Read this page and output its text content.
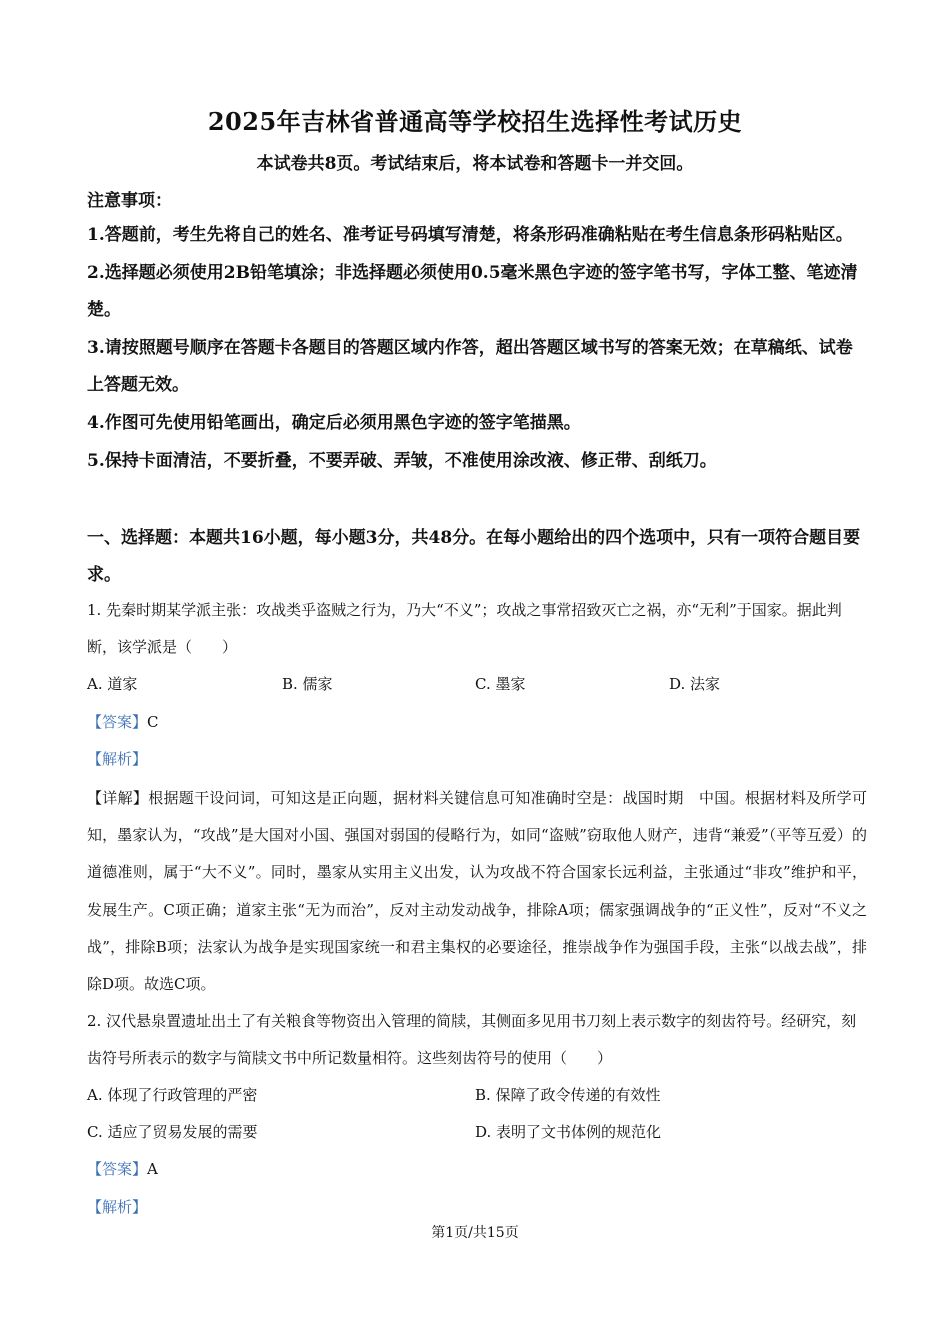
2025年吉林省普通高等学校招生选择性考试历史

本试卷共8页。考试结束后，将本试卷和答题卡一并交回。

注意事项：
1.答题前，考生先将自己的姓名、准考证号码填写清楚，将条形码准确粘贴在考生信息条形码粘贴区。
2.选择题必须使用2B铅笔填涂；非选择题必须使用0.5毫米黑色字迹的签字笔书写，字体工整、笔迹清楚。
3.请按照题号顺序在答题卡各题目的答题区域内作答，超出答题区域书写的答案无效；在草稿纸、试卷上答题无效。
4.作图可先使用铅笔画出，确定后必须用黑色字迹的签字笔描黑。
5.保持卡面清洁，不要折叠，不要弄破、弄皱，不准使用涂改液、修正带、刮纸刀。
一、选择题：本题共16小题，每小题3分，共48分。在每小题给出的四个选项中，只有一项符合题目要求。
1. 先秦时期某学派主张：攻战类乎盗贼之行为，乃大“不义”；攻战之事常招致灭亡之祸，亦“无利”于国家。据此判断，该学派是（　　）
A. 道家	B. 儒家	C. 墨家	D. 法家
【答案】C
【解析】
【详解】根据题干设问词，可知这是正向题，据材料关键信息可知准确时空是：战国时期　中国。根据材料及所学可知，墨家认为，“攻战”是大国对小国、强国对弱国的侵略行为，如同“盗贼”窃取他人财产，违背“兼爱”（平等互爱）的道德准则，属于“大不义”。同时，墨家从实用主义出发，认为攻战不符合国家长远利益，主张通过“非攻”维护和平，发展生产。C项正确；道家主张“无为而治”，反对主动发动战争，排除A项；儒家强调战争的“正义性”，反对“不义之战”，排除B项；法家认为战争是实现国家统一和君主集权的必要途径，推崇战争作为强国手段，主张“以战去战”，排除D项。故选C项。
2. 汉代悬泉置遗址出土了有关粮食等物资出入管理的简牍，其侧面多见用书刀刻上表示数字的刻齿符号。经研究，刻齿符号所表示的数字与简牍文书中所记数量相符。这些刻齿符号的使用（　　）
A. 体现了行政管理的严密	B. 保障了政令传递的有效性
C. 适应了贸易发展的需要	D. 表明了文书体例的规范化
【答案】A
【解析】
第1页/共15页
